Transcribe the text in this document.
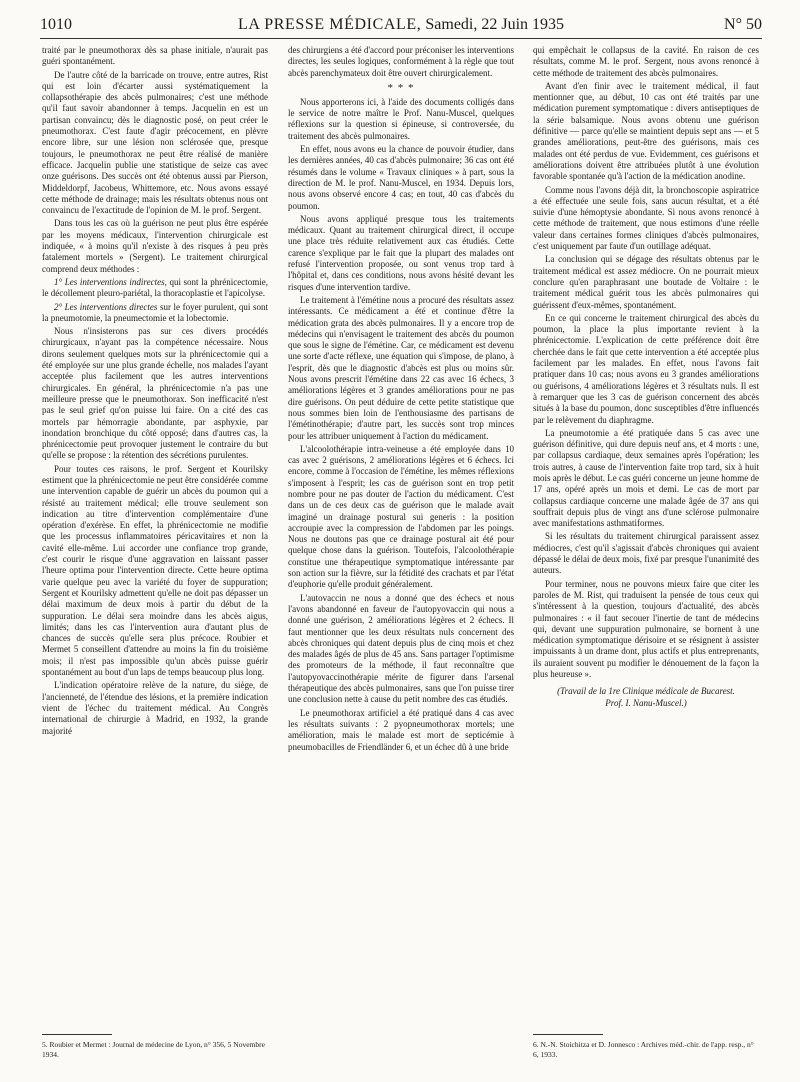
1010	LA PRESSE MÉDICALE, Samedi, 22 Juin 1935	N° 50

traité par le pneumothorax dès sa phase initiale, n'aurait pas guéri spontanément.

De l'autre côté de la barricade on trouve, entre autres, Rist qui est loin d'écarter aussi systématiquement la collapsothérapie des abcès pulmonaires; c'est une méthode qu'il faut savoir abandonner à temps. Jacquelin en est un partisan convaincu; dès le diagnostic posé, on peut créer le pneumothorax. C'est faute d'agir précocement, en plèvre encore libre, sur une lésion non sclérosée que, presque toujours, le pneumothorax ne peut être réalisé de manière efficace. Jacquelin publie une statistique de seize cas avec onze guérisons. Des succès ont été obtenus aussi par Pierson, Middeldorpf, Jacobeus, Whittemore, etc. Nous avons essayé cette méthode de drainage; mais les résultats obtenus nous ont convaincu de l'exactitude de l'opinion de M. le prof. Sergent.

Dans tous les cas où la guérison ne peut plus être espérée par les moyens médicaux, l'intervention chirurgicale est indiquée, « à moins qu'il n'existe à des risques à peu près fatalement mortels » (Sergent). Le traitement chirurgical comprend deux méthodes :

1° Les interventions indirectes, qui sont la phrénicectomie, le décollement pleuro-pariétal, la thoracoplastie et l'apicolyse.

2° Les interventions directes sur le foyer purulent, qui sont la pneumotomie, la pneumectomie et la lobectomie.

Nous n'insisterons pas sur ces divers procédés chirurgicaux, n'ayant pas la compétence nécessaire. Nous dirons seulement quelques mots sur la phrénicectomie qui a été employée sur une plus grande échelle, nos malades l'ayant acceptée plus facilement que les autres interventions chirurgicales. En général, la phrénicectomie n'a pas une meilleure presse que le pneumothorax. Son inefficacité n'est pas le seul grief qu'on puisse lui faire. On a cité des cas mortels par hémorragie abondante, par asphyxie, par inondation bronchique du côté opposé; dans d'autres cas, la phrénicectomie peut provoquer justement le contraire du but qu'elle se propose : la rétention des sécrétions purulentes.

Pour toutes ces raisons, le prof. Sergent et Kourilsky estiment que la phrénicectomie ne peut être considérée comme une intervention capable de guérir un abcès du poumon qui a résisté au traitement médical; elle trouve seulement son indication au titre d'intervention complémentaire d'une opération d'exérèse. En effet, la phrénicectomie ne modifie que les processus inflammatoires péricavitaires et non la cavité elle-même. Lui accorder une confiance trop grande, c'est courir le risque d'une aggravation en laissant passer l'heure optima pour l'intervention directe. Cette heure optima varie quelque peu avec la variété du foyer de suppuration; Sergent et Kourilsky admettent qu'elle ne doit pas dépasser un délai maximum de deux mois à partir du début de la suppuration. Le délai sera moindre dans les abcès aigus, limités; dans les cas l'intervention aura d'autant plus de chances de succès qu'elle sera plus précoce. Roubier et Mermet 5 conseillent d'attendre au moins la fin du troisième mois; il n'est pas impossible qu'un abcès puisse guérir spontanément au bout d'un laps de temps beaucoup plus long.

L'indication opératoire relève de la nature, du siège, de l'ancienneté, de l'étendue des lésions, et la première indication vient de l'échec du traitement médical. Au Congrès international de chirurgie à Madrid, en 1932, la grande majorité

des chirurgiens a été d'accord pour préconiser les interventions directes, les seules logiques, conformément à la règle que tout abcès parenchymateux doit être ouvert chirurgicalement.

* * *

Nous apporterons ici, à l'aide des documents colligés dans le service de notre maître le Prof. Nanu-Muscel, quelques réflexions sur la question si épineuse, si controversée, du traitement des abcès pulmonaires.

En effet, nous avons eu la chance de pouvoir étudier, dans les dernières années, 40 cas d'abcès pulmonaire; 36 cas ont été résumés dans le volume « Travaux cliniques » à part, sous la direction de M. le prof. Nanu-Muscel, en 1934. Depuis lors, nous avons observé encore 4 cas; en tout, 40 cas d'abcès du poumon.

Nous avons appliqué presque tous les traitements médicaux. Quant au traitement chirurgical direct, il occupe une place très réduite relativement aux cas étudiés. Cette carence s'explique par le fait que la plupart des malades ont refusé l'intervention proposée, ou sont venus trop tard à l'hôpital et, dans ces conditions, nous avons hésité devant les risques d'une intervention tardive.

Le traitement à l'émétine nous a procuré des résultats assez intéressants. Ce médicament a été et continue d'être la médication grata des abcès pulmonaires. Il y a encore trop de médecins qui n'envisagent le traitement des abcès du poumon que sous le signe de l'émétine. Car, ce médicament est devenu une sorte d'acte réflexe, une équation qui s'impose, de plano, à l'esprit, dès que le diagnostic d'abcès est plus ou moins sûr. Nous avons prescrit l'émétine dans 22 cas avec 16 échecs, 3 améliorations légères et 3 grandes améliorations pour ne pas dire guérisons. On peut déduire de cette petite statistique que nous sommes bien loin de l'enthousiasme des partisans de l'émétinothérapie; d'autre part, les succès sont trop minces pour les attribuer uniquement à l'action du médicament.

L'alcoolothérapie intra-veineuse a été employée dans 10 cas avec 2 guérisons, 2 améliorations légères et 6 échecs. Ici encore, comme à l'occasion de l'émétine, les mêmes réflexions s'imposent à l'esprit; les cas de guérison sont en trop petit nombre pour ne pas douter de l'action du médicament. C'est dans un de ces deux cas de guérison que le malade avait imaginé un drainage postural sui generis : la position accroupie avec la compression de l'abdomen par les poings. Nous ne doutons pas que ce drainage postural ait été pour quelque chose dans la guérison. Toutefois, l'alcoolothérapie constitue une thérapeutique symptomatique intéressante par son action sur la fièvre, sur la fétidité des crachats et par l'état d'euphorie qu'elle produit généralement.

L'autovaccin ne nous a donné que des échecs et nous l'avons abandonné en faveur de l'autopyovaccin qui nous a donné une guérison, 2 améliorations légères et 2 échecs. Il faut mentionner que les deux résultats nuls concernent des abcès chroniques qui datent depuis plus de cinq mois et chez des malades âgés de plus de 45 ans. Sans partager l'optimisme des promoteurs de la méthode, il faut reconnaître que l'autopyovaccinothérapie mérite de figurer dans l'arsenal thérapeutique des abcès pulmonaires, sans que l'on puisse tirer une conclusion nette à cause du petit nombre des cas étudiés.

Le pneumothorax artificiel a été pratiqué dans 4 cas avec les résultats suivants : 2 pyopneumothorax mortels; une amélioration, mais le malade est mort de septicémie à pneumobacilles de Friendländer 6, et un échec dû à une bride

qui empêchait le collapsus de la cavité. En raison de ces résultats, comme M. le prof. Sergent, nous avons renoncé à cette méthode de traitement des abcès pulmonaires.

Avant d'en finir avec le traitement médical, il faut mentionner que, au début, 10 cas ont été traités par une médication purement symptomatique : divers antiseptiques de la série balsamique. Nous avons obtenu une guérison définitive — parce qu'elle se maintient depuis sept ans — et 5 grandes améliorations, peut-être des guérisons, mais ces malades ont été perdus de vue. Evidemment, ces guérisons et améliorations doivent être attribuées plutôt à une évolution favorable spontanée qu'à l'action de la médication anodine.

Comme nous l'avons déjà dit, la bronchoscopie aspiratrice a été effectuée une seule fois, sans aucun résultat, et a été suivie d'une hémoptysie abondante. Si nous avons renoncé à cette méthode de traitement, que nous estimons d'une réelle valeur dans certaines formes cliniques d'abcès pulmonaires, c'est uniquement par faute d'un outillage adéquat.

La conclusion qui se dégage des résultats obtenus par le traitement médical est assez médiocre. On ne pourrait mieux conclure qu'en paraphrasant une boutade de Voltaire : le traitement médical guérit tous les abcès pulmonaires qui guérissent d'eux-mêmes, spontanément.

En ce qui concerne le traitement chirurgical des abcès du poumon, la place la plus importante revient à la phrénicectomie. L'explication de cette préférence doit être cherchée dans le fait que cette intervention a été acceptée plus facilement par les malades. En effet, nous l'avons fait pratiquer dans 10 cas; nous avons eu 3 grandes améliorations ou guérisons, 4 améliorations légères et 3 résultats nuls. Il est à remarquer que les 3 cas de guérison concernent des abcès situés à la base du poumon, donc susceptibles d'être influencés par le relèvement du diaphragme.

La pneumotomie a été pratiquée dans 5 cas avec une guérison définitive, qui dure depuis neuf ans, et 4 morts : une, par collapsus cardiaque, deux semaines après l'opération; les trois autres, à cause de l'intervention faite trop tard, six à huit mois après le début. Le cas guéri concerne un jeune homme de 17 ans, opéré après un mois et demi. Le cas de mort par collapsus cardiaque concerne une malade âgée de 37 ans qui souffrait depuis plus de vingt ans d'une sclérose pulmonaire avec manifestations asthmatiformes.

Si les résultats du traitement chirurgical paraissent assez médiocres, c'est qu'il s'agissait d'abcès chroniques qui avaient dépassé le délai de deux mois, fixé par presque l'unanimité des auteurs.

Pour terminer, nous ne pouvons mieux faire que citer les paroles de M. Rist, qui traduisent la pensée de tous ceux qui s'intéressent à la question, toujours d'actualité, des abcès pulmonaires : « il faut secouer l'inertie de tant de médecins qui, devant une suppuration pulmonaire, se bornent à une médication symptomatique dérisoire et se résignent à assister impuissants à un drame dont, plus actifs et plus entreprenants, ils auraient souvent pu modifier le dénouement de la façon la plus heureuse ».

(Travail de la 1re Clinique médicale de Bucarest.
Prof. I. Nanu-Muscel.)

5. Roubier et Mermet : Journal de médecine de Lyon, n° 356, 5 Novembre 1934.
6. N.-N. Stoichitza et D. Jonnesco : Archives méd.-chir. de l'app. resp., n° 6, 1933.
